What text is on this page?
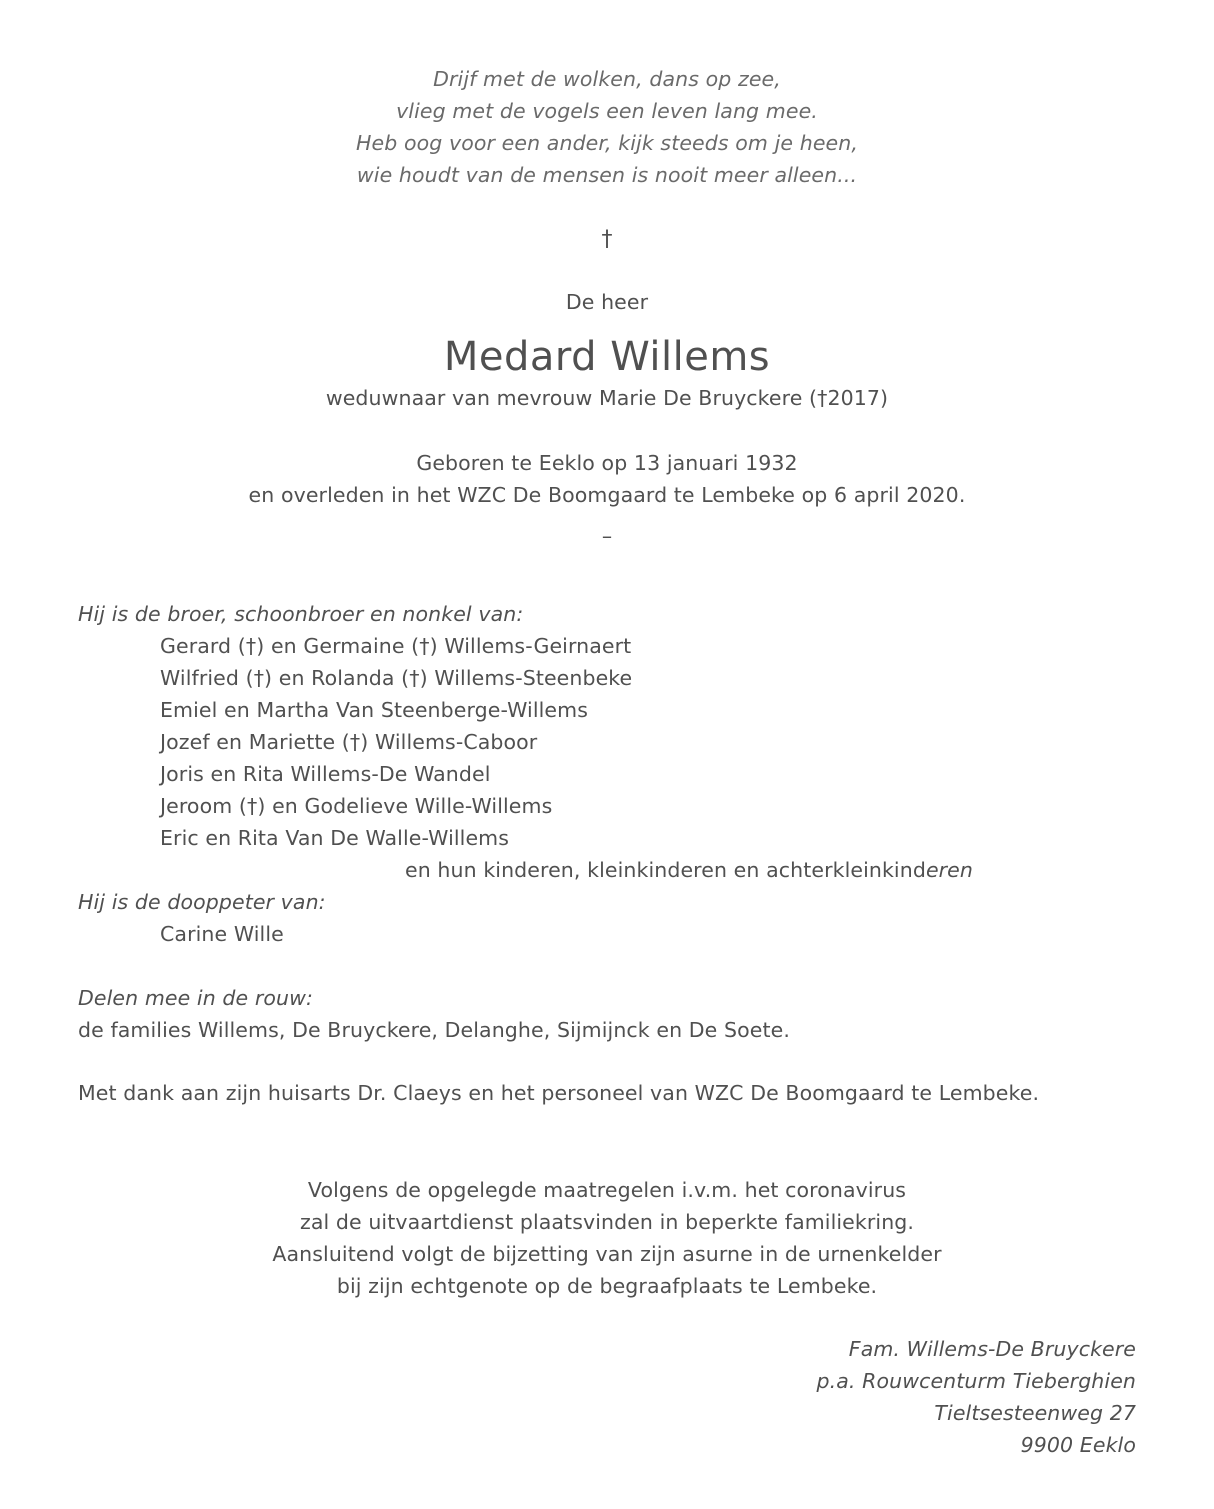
Drijf met de wolken, dans op zee,
vlieg met de vogels een leven lang mee.
Heb oog voor een ander, kijk steeds om je heen,
wie houdt van de mensen is nooit meer alleen...
†
De heer
Medard Willems
weduwnaar van mevrouw Marie De Bruyckere (†2017)
Geboren te Eeklo op 13 januari 1932
en overleden in het WZC De Boomgaard te Lembeke op 6 april 2020.
–
Hij is de broer, schoonbroer en nonkel van:
Gerard (†) en Germaine (†) Willems-Geirnaert
Wilfried (†) en Rolanda (†) Willems-Steenbeke
Emiel en Martha Van Steenberge-Willems
Jozef en Mariette (†) Willems-Caboor
Joris en Rita Willems-De Wandel
Jeroom (†) en Godelieve Wille-Willems
Eric en Rita Van De Walle-Willems
en hun kinderen, kleinkinderen en achterkleinkinderen
Hij is de dooppeter van:
Carine Wille
Delen mee in de rouw:
de families Willems, De Bruyckere, Delanghe, Sijmijnck en De Soete.
Met dank aan zijn huisarts Dr. Claeys en het personeel van WZC De Boomgaard te Lembeke.
Volgens de opgelegde maatregelen i.v.m. het coronavirus
zal de uitvaartdienst plaatsvinden in beperkte familiekring.
Aansluitend volgt de bijzetting van zijn asurne in de urnenkelder
bij zijn echtgenote op de begraafplaats te Lembeke.
Fam. Willems-De Bruyckere
p.a. Rouwcenturm Tieberghien
Tieltsesteenweg 27
9900 Eeklo
